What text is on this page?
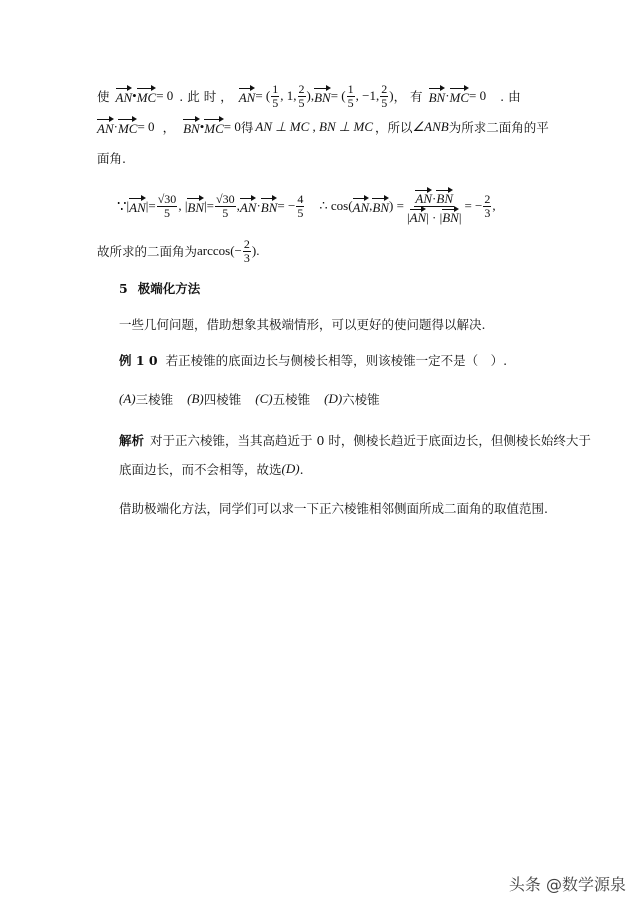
使 AN • MC = 0 . 此 时 ， AN = ( $\frac{1}{5}$ , 1, $\frac{2}{5}$ ), BN = ( $\frac{1}{5}$ , −1, $\frac{2}{5}$ ) ， 有 BN · MC = 0 . 由
AN · MC = 0 ， BN • MC = 0 得 AN ⊥ MC , BN ⊥ MC ，所以 ∠ANB 为所求二面角的平
面角.
∵ | AN |= $\frac{√30}{5}$ , | BN |= $\frac{√30}{5}$ , AN · BN = − $\frac{4}{5}$ ∴ cos( AN , BN ) = $\frac{AN\cdot BN}{|AN| \cdot |BN|}$ = − $\frac{2}{3}$ ,
故所求的二面角为 $\arccos(- \frac{2}{3}$ ) .
5 极端化方法
一些几何问题，借助想象其极端情形，可以更好的使问题得以解决.
例 1 0 若正棱锥的底面边长与侧棱长相等，则该棱锥一定不是（　）.
(A) 三棱锥 (B) 四棱锥 (C) 五棱锥 (D) 六棱锥
解析 对于正六棱锥，当其高趋近于 0 时，侧棱长趋近于底面边长，但侧棱长始终大于
底面边长，而不会相等，故选 (D) .
借助极端化方法，同学们可以求一下正六棱锥相邻侧面所成二面角的取值范围.
头条 @数学源泉
